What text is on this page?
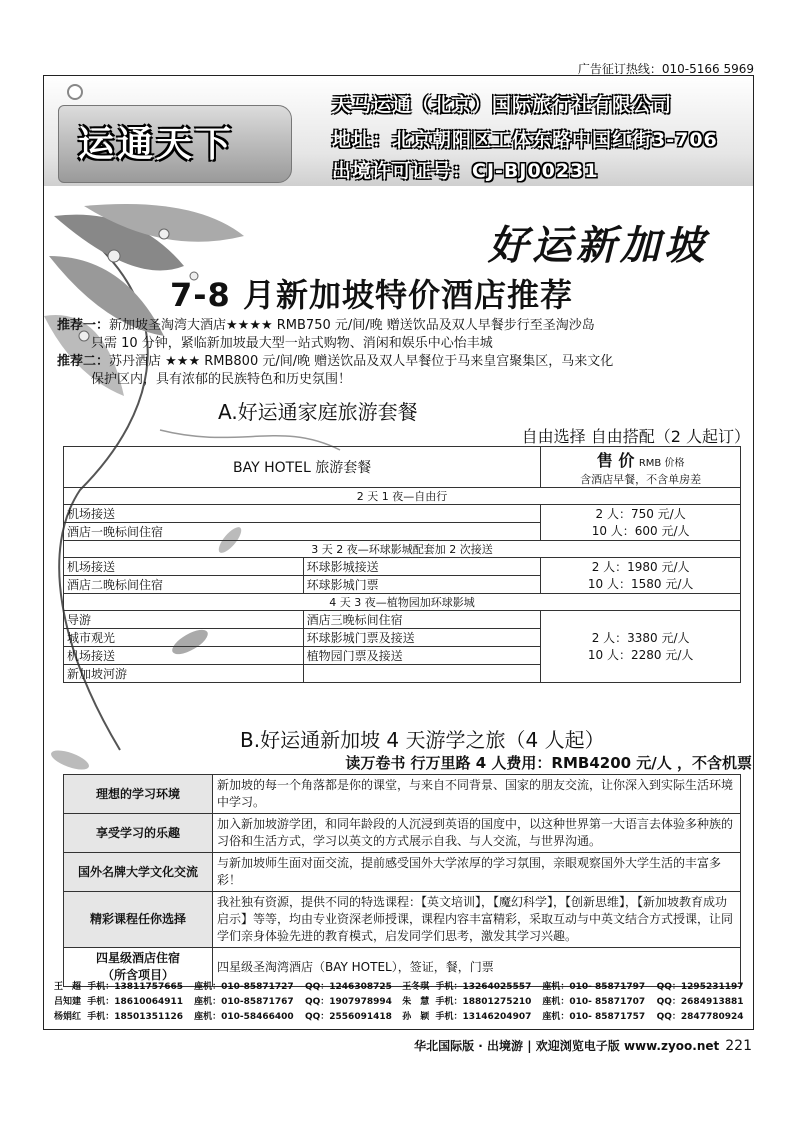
广告征订热线：010-5166 5969
运通天下
天马运通（北京）国际旅行社有限公司
地址：北京朝阳区工体东路中国红街3-706
出境许可证号：CJ-BJ00231
好运新加坡
7-8 月新加坡特价酒店推荐
推荐一：新加坡圣淘湾大酒店★★★★ RMB750 元/间/晚 赠送饮品及双人早餐步行至圣淘沙岛
只需 10 分钟，紧临新加坡最大型一站式购物、消闲和娱乐中心怡丰城
推荐二：苏丹酒店 ★★★ RMB800 元/间/晚 赠送饮品及双人早餐位于马来皇宫聚集区，马来文化
保护区内，具有浓郁的民族特色和历史氛围！
A.好运通家庭旅游套餐
自由选择 自由搭配（2 人起订）
BAY HOTEL 旅游套餐		售 价 RMB 价格
含酒店早餐，不含单房差
2 天 1 夜—自由行		
机场接送		2 人：750 元/人
10 人：600 元/人
酒店一晚标间住宿		
3 天 2 夜—环球影城配套加 2 次接送		
机场接送	环球影城接送	2 人：1980 元/人
10 人：1580 元/人
酒店二晚标间住宿	环球影城门票	
4 天 3 夜—植物园加环球影城		
导游	酒店三晚标间住宿	2 人：3380 元/人
10 人：2280 元/人
城市观光	环球影城门票及接送	
机场接送	植物园门票及接送	
新加坡河游		
B.好运通新加坡 4 天游学之旅（4 人起）
读万卷书 行万里路 4 人费用：RMB4200 元/人 ，不含机票
理想的学习环境	新加坡的每一个角落都是你的课堂，与来自不同背景、国家的朋友交流，让你深入到实际生活环境中学习。
享受学习的乐趣	加入新加坡游学团，和同年龄段的人沉浸到英语的国度中，以这种世界第一大语言去体验多种族的习俗和生活方式，学习以英文的方式展示自我、与人交流，与世界沟通。
国外名牌大学文化交流	与新加坡师生面对面交流，提前感受国外大学浓厚的学习氛围，亲眼观察国外大学生活的丰富多彩！
精彩课程任你选择	我社独有资源，提供不同的特选课程：【英文培训】，【魔幻科学】，【创新思维】，【新加坡教育成功启示】等等，均由专业资深老师授课，课程内容丰富精彩，采取互动与中英文结合方式授课，让同学们亲身体验先进的教育模式，启发同学们思考，激发其学习兴趣。
四星级酒店住宿
（所含项目）	四星级圣淘湾酒店（BAY HOTEL），签证，餐，门票
王　超	手机：13811757665	座机：010-85871727	QQ：1246308725	王冬琪	手机：13264025557	座机：010- 85871797	QQ：1295231197
吕知建	手机：18610064911	座机：010-85871767	QQ：1907978994	朱　慧	手机：18801275210	座机：010- 85871707	QQ：2684913881
杨娟红	手机：18501351126	座机：010-58466400	QQ：2556091418	孙　颖	手机：13146204907	座机：010- 85871757	QQ：2847780924
华北国际版 · 出境游 | 欢迎浏览电子版 www.zyoo.net 221
